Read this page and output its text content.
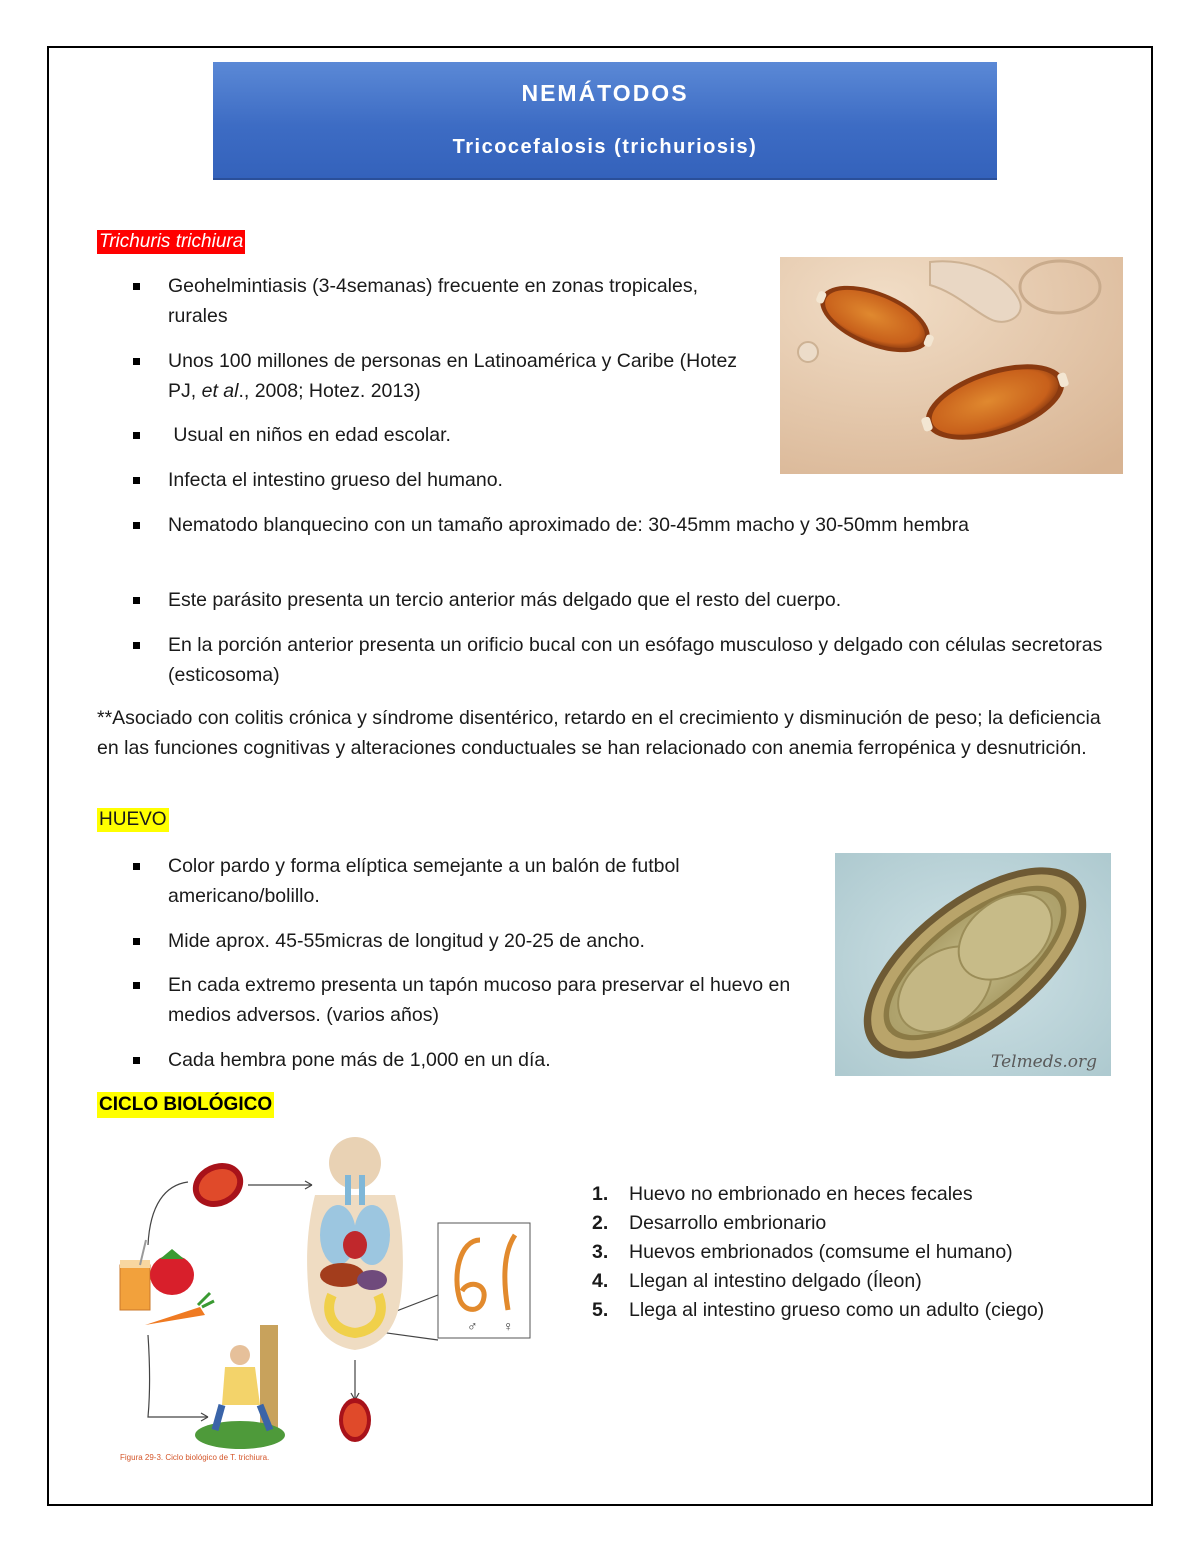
NEMÁTODOS
Tricocefalosis (trichuriosis)
Trichuris trichiura
Geohelmintiasis (3-4semanas) frecuente en zonas tropicales, rurales
Unos 100 millones de personas en Latinoamérica y Caribe (Hotez PJ, et al., 2008; Hotez. 2013)
Usual en niños en edad escolar.
Infecta el intestino grueso del humano.
Nematodo blanquecino con un tamaño aproximado de: 30-45mm macho y 30-50mm hembra
Este parásito presenta un tercio anterior más delgado que el resto del cuerpo.
En la porción anterior presenta un orificio bucal con un esófago musculoso y delgado con células secretoras (esticosoma)
**Asociado con colitis crónica y síndrome disentérico, retardo en el crecimiento y disminución de peso; la deficiencia en las funciones cognitivas y alteraciones conductuales se han relacionado con anemia ferropénica y desnutrición.
HUEVO
Color pardo y forma elíptica semejante a un balón de futbol americano/bolillo.
Mide aprox. 45-55micras de longitud y 20-25 de ancho.
En cada extremo presenta un tapón mucoso para preservar el huevo en medios adversos. (varios años)
Cada hembra pone más de 1,000 en un día.	Telmeds.org
CICLO BIOLÓGICO
♂ ♀
Figura 29-3. Ciclo biológico de T. trichiura.
1. Huevo no embrionado en heces fecales
2. Desarrollo embrionario
3. Huevos embrionados (comsume el humano)
4. Llegan al intestino delgado (Íleon)
5. Llega al intestino grueso como un adulto (ciego)
